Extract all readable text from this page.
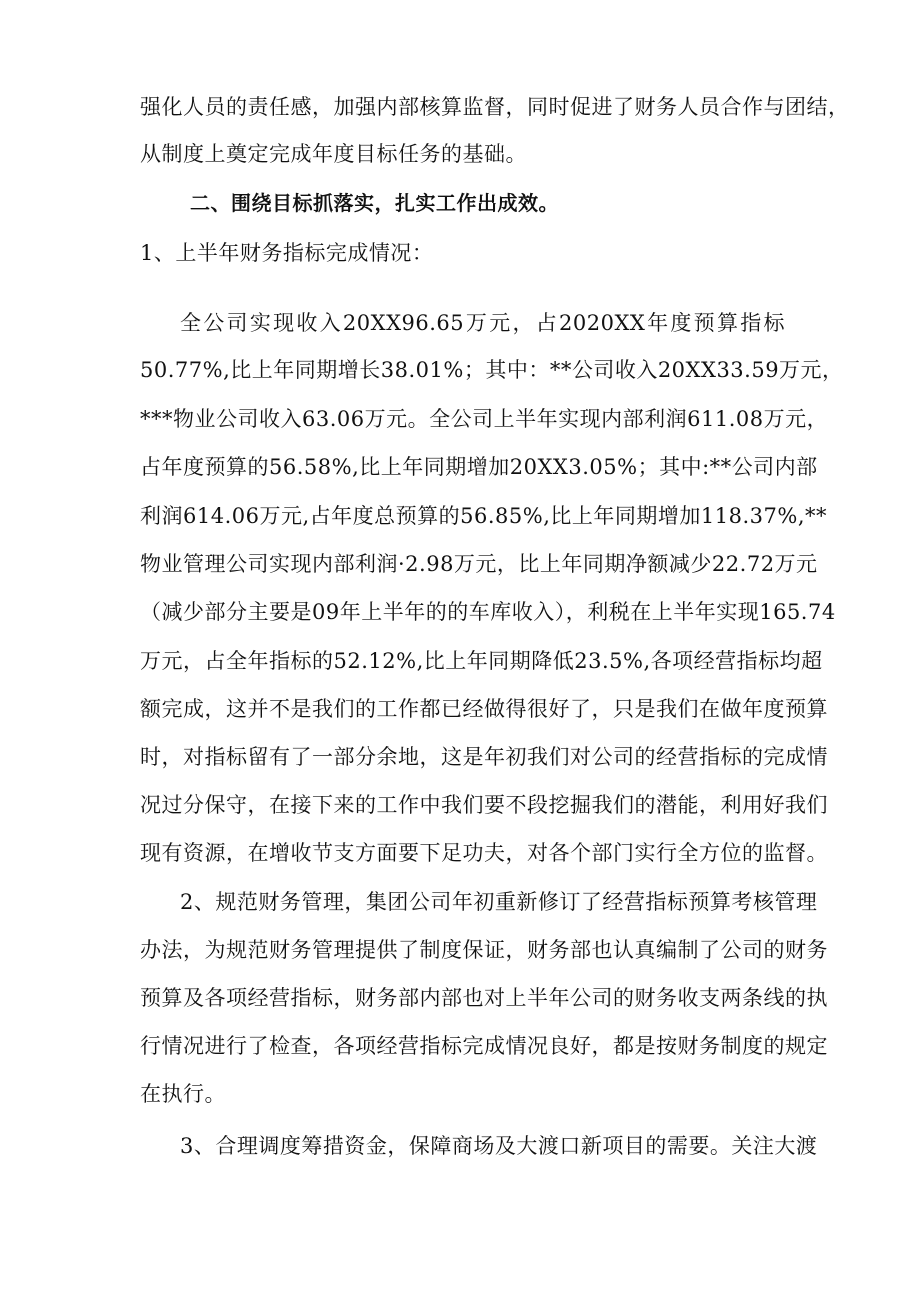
强化人员的责任感，加强内部核算监督，同时促进了财务人员合作与团结，
从制度上奠定完成年度目标任务的基础。
二、围绕目标抓落实，扎实工作出成效。
1、上半年财务指标完成情况：
全公司实现收入20XX96.65万元，占2020XX年度预算指标
50.77%,比上年同期增长38.01%；其中：**公司收入20XX33.59万元，
***物业公司收入63.06万元。全公司上半年实现内部利润611.08万元，
占年度预算的56.58%,比上年同期增加20XX3.05%；其中:**公司内部
利润614.06万元,占年度总预算的56.85%,比上年同期增加118.37%,**
物业管理公司实现内部利润·2.98万元，比上年同期净额减少22.72万元
（减少部分主要是09年上半年的的车库收入），利税在上半年实现165.74
万元，占全年指标的52.12%,比上年同期降低23.5%,各项经营指标均超
额完成，这并不是我们的工作都已经做得很好了，只是我们在做年度预算
时，对指标留有了一部分余地，这是年初我们对公司的经营指标的完成情
况过分保守，在接下来的工作中我们要不段挖掘我们的潜能，利用好我们
现有资源，在增收节支方面要下足功夫，对各个部门实行全方位的监督。
2、规范财务管理，集团公司年初重新修订了经营指标预算考核管理
办法，为规范财务管理提供了制度保证，财务部也认真编制了公司的财务
预算及各项经营指标，财务部内部也对上半年公司的财务收支两条线的执
行情况进行了检查，各项经营指标完成情况良好，都是按财务制度的规定
在执行。
3、合理调度筹措资金，保障商场及大渡口新项目的需要。关注大渡
